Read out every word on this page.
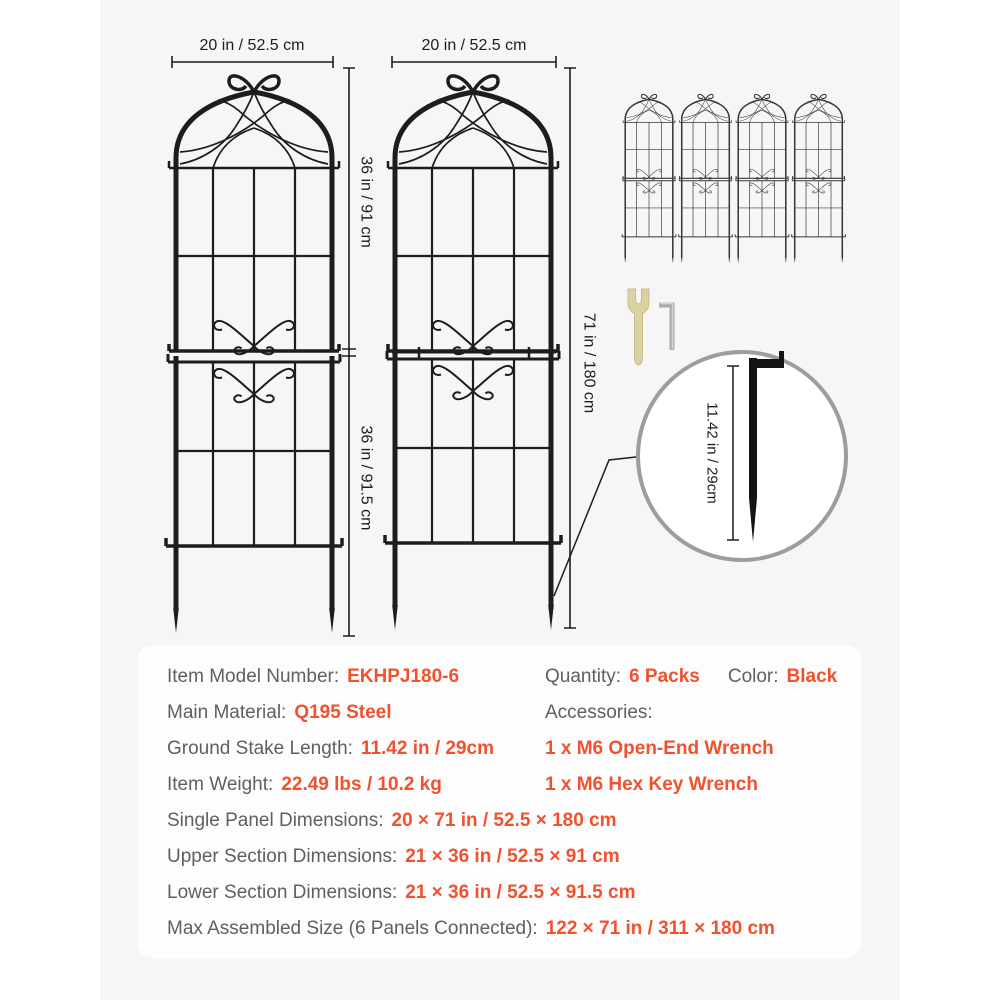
20 in / 52.5 cm	20 in / 52.5 cm
36 in / 91 cm
36 in / 91.5 cm
71 in / 180 cm
11.42 in / 29cm
Item Model Number: EKHPJ180-6
Main Material: Q195 Steel
Ground Stake Length: 11.42 in / 29cm
Item Weight: 22.49 lbs / 10.2 kg
Quantity: 6 Packs Color: Black
Accessories:
1 x M6 Open-End Wrench
1 x M6 Hex Key Wrench
Single Panel Dimensions: 20 × 71 in / 52.5 × 180 cm
Upper Section Dimensions: 21 × 36 in / 52.5 × 91 cm
Lower Section Dimensions: 21 × 36 in / 52.5 × 91.5 cm
Max Assembled Size (6 Panels Connected): 122 × 71 in / 311 × 180 cm
